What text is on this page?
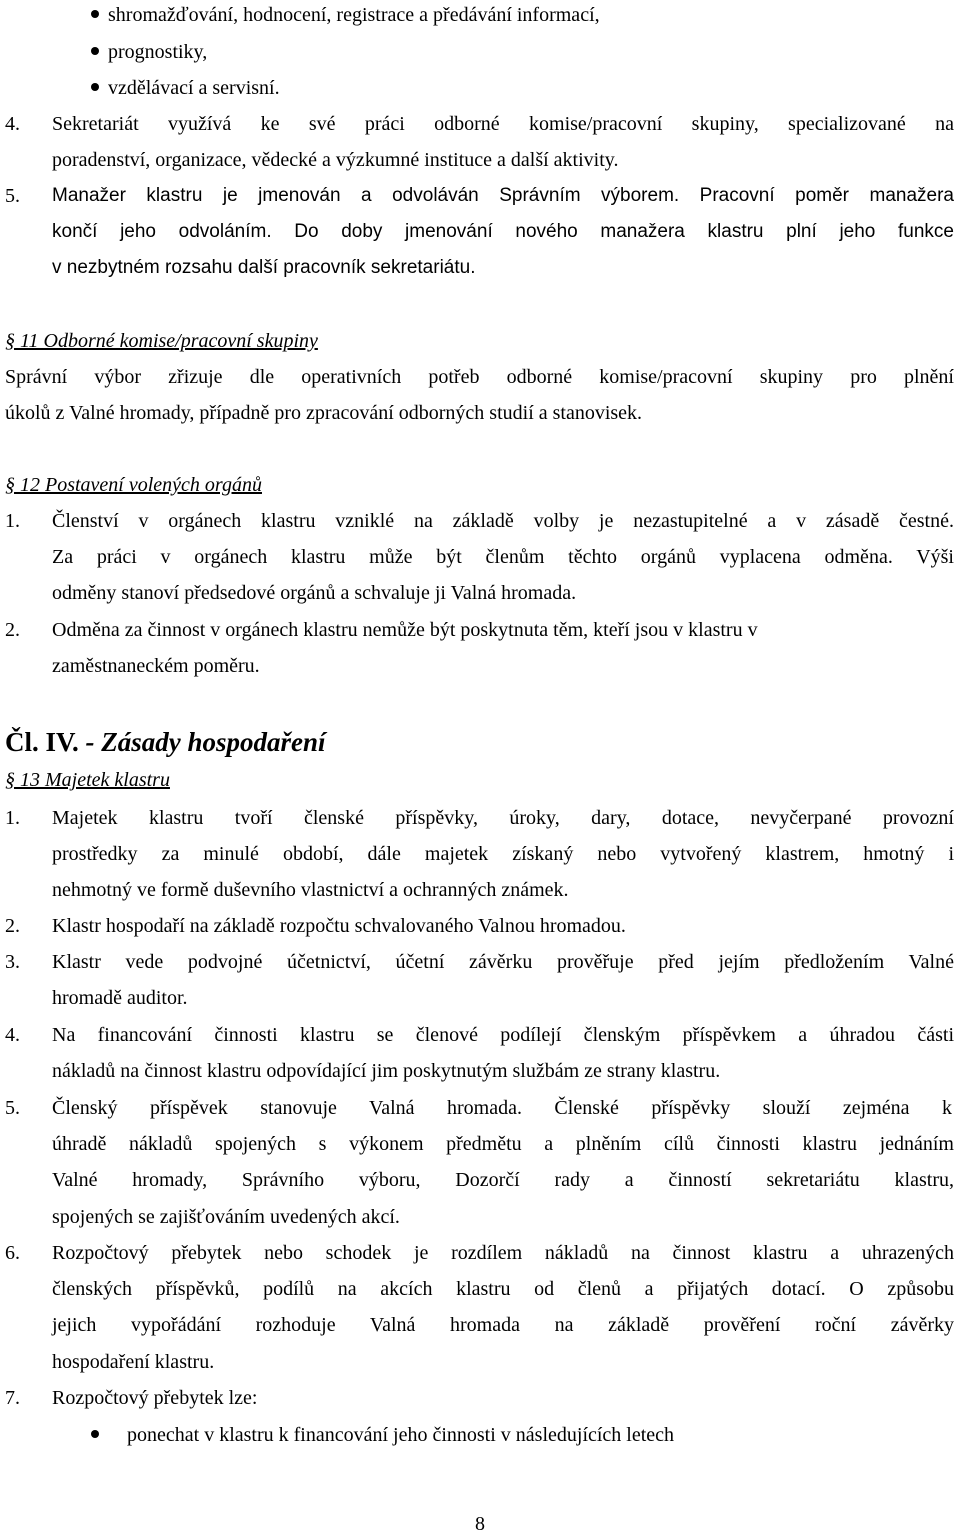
shromažďování, hodnocení, registrace a předávání informací,
prognostiky,
vzdělávací a servisní.
4. Sekretariát využívá ke své práci odborné komise/pracovní skupiny, specializované na
poradenství, organizace, vědecké a výzkumné instituce a další aktivity.
5. Manažer klastru je jmenován a odvoláván Správním výborem. Pracovní poměr manažera
končí jeho odvoláním. Do doby jmenování nového manažera klastru plní jeho funkce
v nezbytném rozsahu další pracovník sekretariátu.
§ 11 Odborné komise/pracovní skupiny
Správní výbor zřizuje dle operativních potřeb odborné komise/pracovní skupiny pro plnění
úkolů z Valné hromady, případně pro zpracování odborných studií a stanovisek.
§ 12 Postavení volených orgánů
1. Členství v orgánech klastru vzniklé na základě volby je nezastupitelné a v zásadě čestné.
Za práci v orgánech klastru může být členům těchto orgánů vyplacena odměna. Výši
odměny stanoví předsedové orgánů a schvaluje ji Valná hromada.
2. Odměna za činnost v orgánech klastru nemůže být poskytnuta těm, kteří jsou v klastru v
zaměstnaneckém poměru.
Čl. IV. - Zásady hospodaření
§ 13 Majetek klastru
1. Majetek klastru tvoří členské příspěvky, úroky, dary, dotace, nevyčerpané provozní
prostředky za minulé období, dále majetek získaný nebo vytvořený klastrem, hmotný i
nehmotný ve formě duševního vlastnictví a ochranných známek.
2. Klastr hospodaří na základě rozpočtu schvalovaného Valnou hromadou.
3. Klastr vede podvojné účetnictví, účetní závěrku prověřuje před jejím předložením Valné
hromadě auditor.
4. Na financování činnosti klastru se členové podílejí členským příspěvkem a úhradou části
nákladů na činnost klastru odpovídající jim poskytnutým službám ze strany klastru.
5. Členský příspěvek stanovuje Valná hromada. Členské příspěvky slouží zejména k
úhradě nákladů spojených s výkonem předmětu a plněním cílů činnosti klastru jednáním
Valné hromady, Správního výboru, Dozorčí rady a činností sekretariátu klastru,
spojených se zajišťováním uvedených akcí.
6. Rozpočtový přebytek nebo schodek je rozdílem nákladů na činnost klastru a uhrazených
členských příspěvků, podílů na akcích klastru od členů a přijatých dotací. O způsobu
jejich vypořádání rozhoduje Valná hromada na základě prověření roční závěrky
hospodaření klastru.
7. Rozpočtový přebytek lze:
ponechat v klastru k financování jeho činnosti v následujících letech
8
